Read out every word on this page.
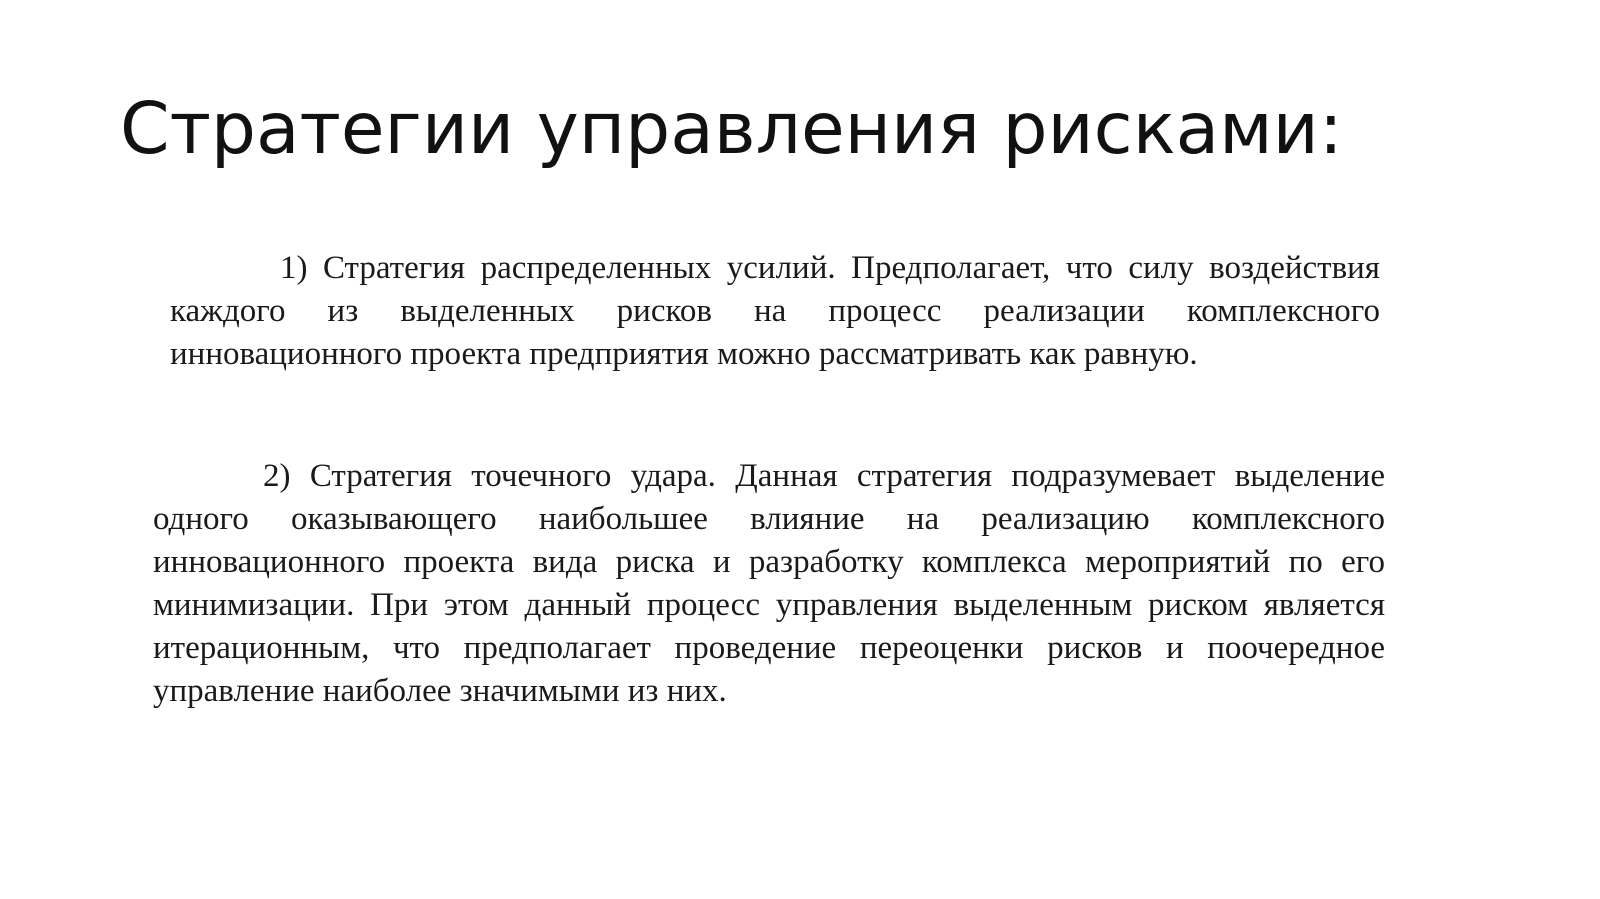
Стратегии управления рисками:

1) Стратегия распределенных усилий. Предполагает, что силу воздействия каждого из выделенных рисков на процесс реализации комплексного инновационного проекта предприятия можно рассматривать как равную.

2) Стратегия точечного удара. Данная стратегия подразумевает выделение одного оказывающего наибольшее влияние на реализацию комплексного инновационного проекта вида риска и разработку комплекса мероприятий по его минимизации. При этом данный процесс управления выделенным риском является итерационным, что предполагает проведение переоценки рисков и поочередное управление наиболее значимыми из них.
